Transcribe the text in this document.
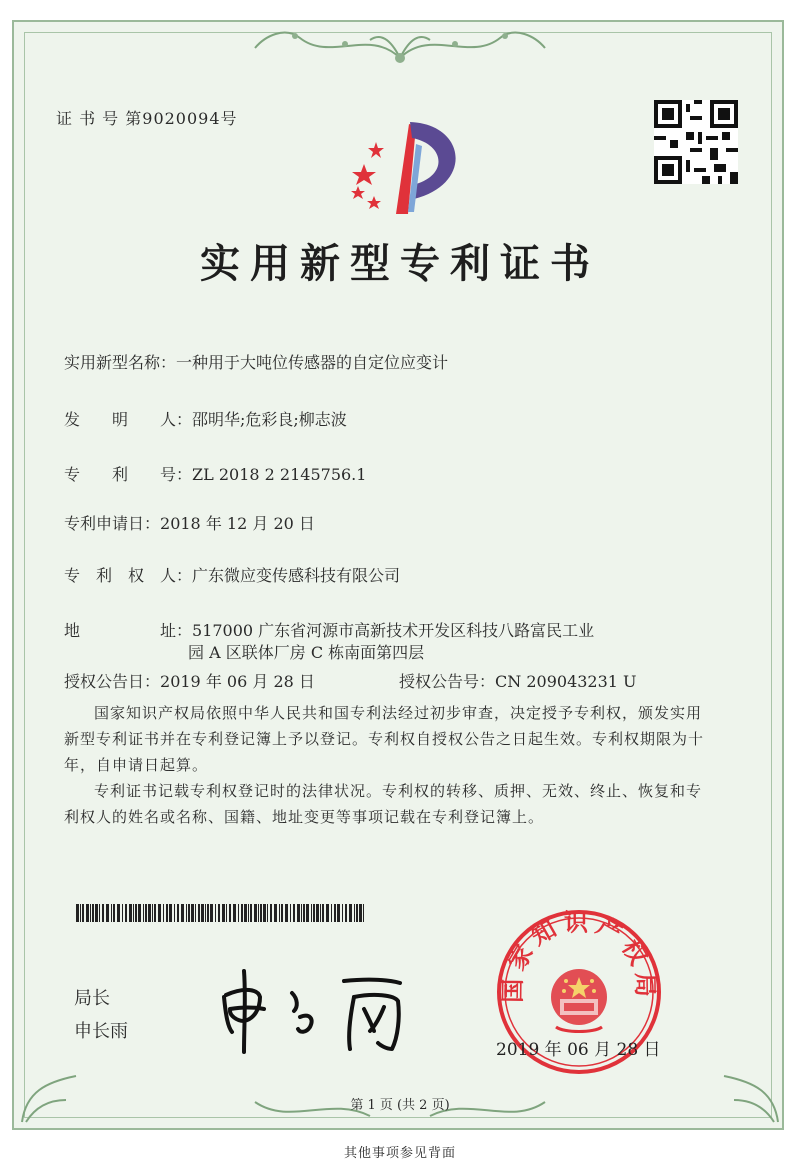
证 书 号 第9020094号
实用新型专利证书
实用新型名称：一种用于大吨位传感器的自定位应变计
发　　明　　人：邵明华;危彩良;柳志波
专　　利　　号：ZL 2018 2 2145756.1
专利申请日：2018 年 12 月 20 日
专　利　权　人：广东微应变传感科技有限公司
地　　　　　址：517000 广东省河源市高新技术开发区科技八路富民工业
园 A 区联体厂房 C 栋南面第四层
授权公告日：2019 年 06 月 28 日	授权公告号：CN 209043231 U
国家知识产权局依照中华人民共和国专利法经过初步审查，决定授予专利权，颁发实用新型专利证书并在专利登记簿上予以登记。专利权自授权公告之日起生效。专利权期限为十年，自申请日起算。
专利证书记载专利权登记时的法律状况。专利权的转移、质押、无效、终止、恢复和专利权人的姓名或名称、国籍、地址变更等事项记载在专利登记簿上。
局长
申长雨
国家知识产权局
2019 年 06 月 28 日
第 1 页 (共 2 页)
其他事项参见背面
